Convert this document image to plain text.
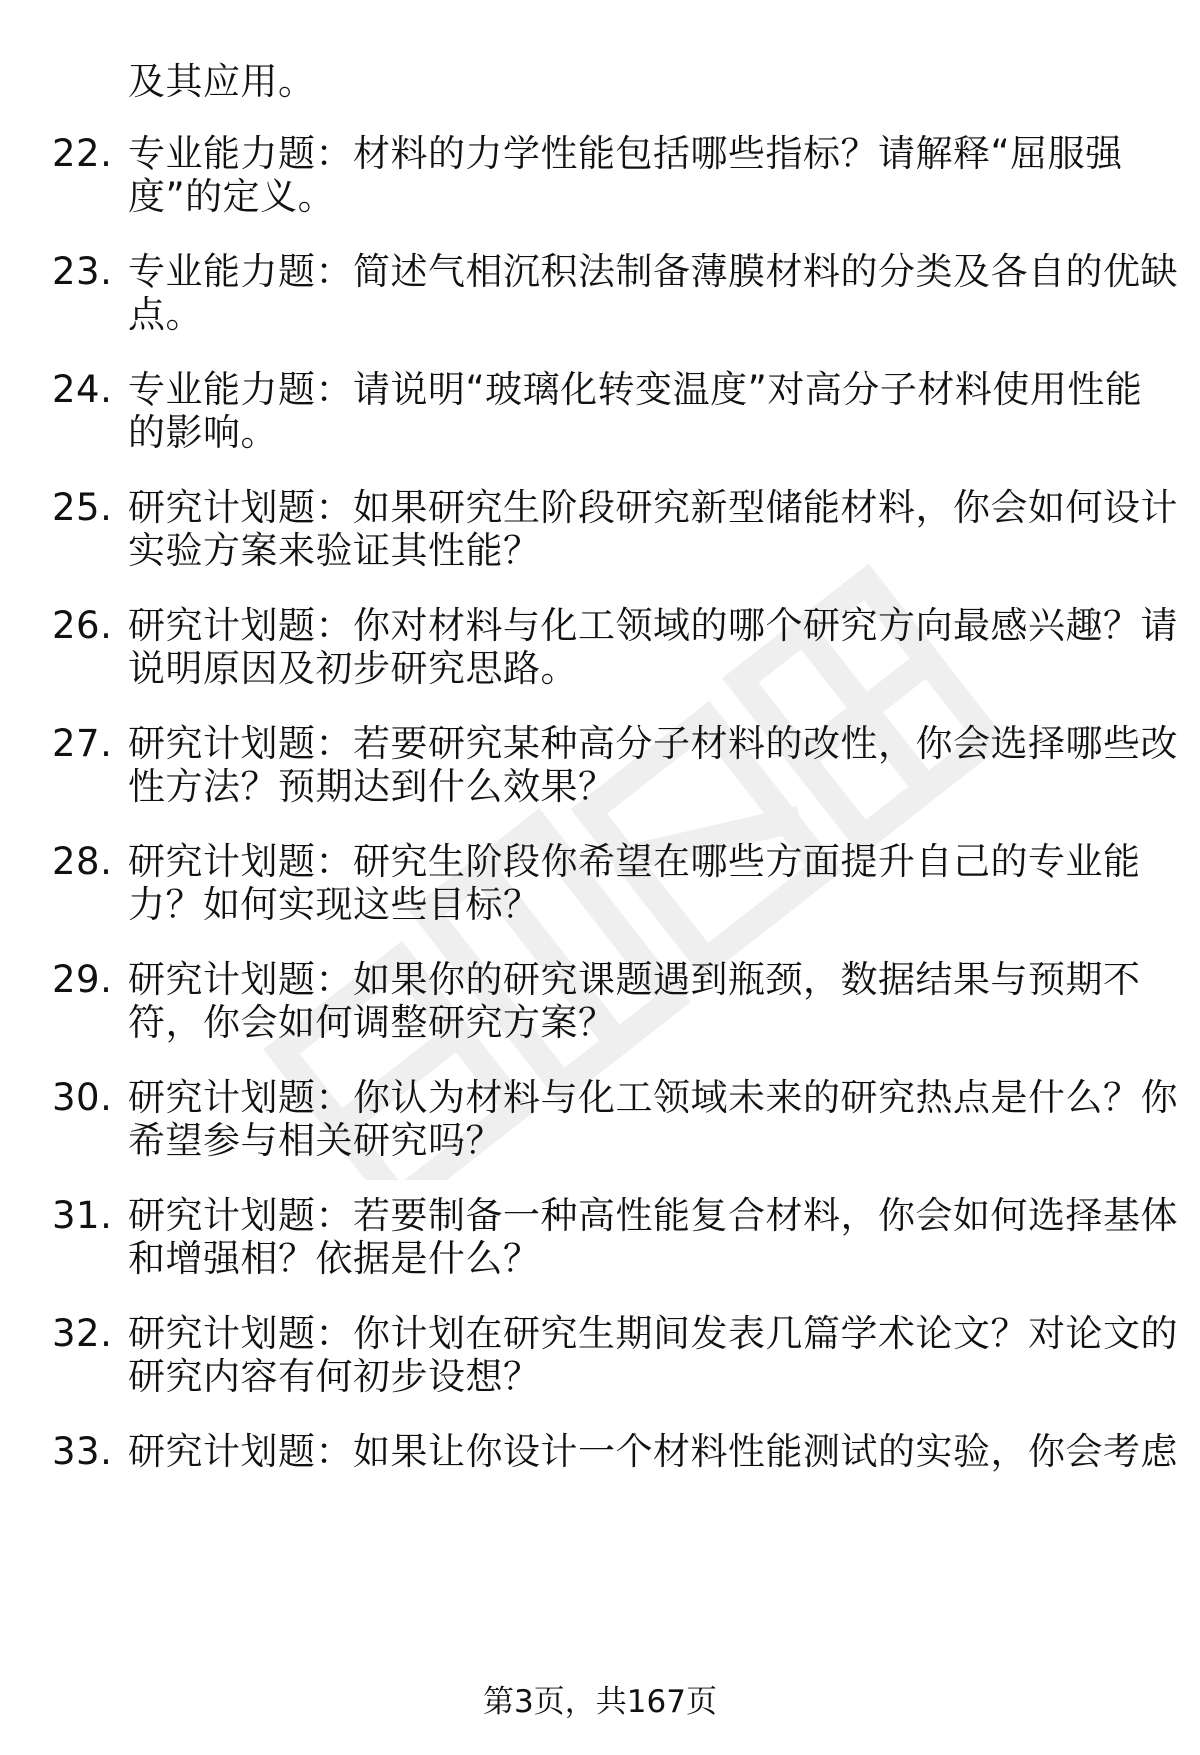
及其应用。
22. 专业能力题：材料的力学性能包括哪些指标？请解释“屈服强
度”的定义。
23. 专业能力题：简述气相沉积法制备薄膜材料的分类及各自的优缺
点。
24. 专业能力题：请说明“玻璃化转变温度”对高分子材料使用性能
的影响。
25. 研究计划题：如果研究生阶段研究新型储能材料，你会如何设计
实验方案来验证其性能？
26. 研究计划题：你对材料与化工领域的哪个研究方向最感兴趣？请
说明原因及初步研究思路。
27. 研究计划题：若要研究某种高分子材料的改性，你会选择哪些改
性方法？预期达到什么效果？
28. 研究计划题：研究生阶段你希望在哪些方面提升自己的专业能
力？如何实现这些目标？
29. 研究计划题：如果你的研究课题遇到瓶颈，数据结果与预期不
符，你会如何调整研究方案？
30. 研究计划题：你认为材料与化工领域未来的研究热点是什么？你
希望参与相关研究吗？
31. 研究计划题：若要制备一种高性能复合材料，你会如何选择基体
和增强相？依据是什么？
32. 研究计划题：你计划在研究生期间发表几篇学术论文？对论文的
研究内容有何初步设想？
33. 研究计划题：如果让你设计一个材料性能测试的实验，你会考虑
第3页，共167页
